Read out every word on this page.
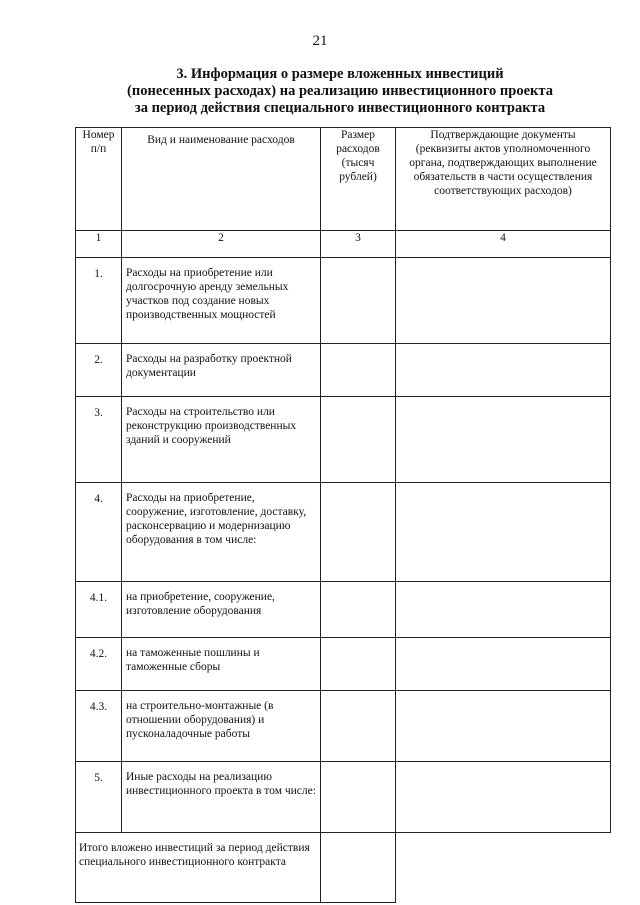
21
3. Информация о размере вложенных инвестиций
(понесенных расходах) на реализацию инвестиционного проекта
за период действия специального инвестиционного контракта
Номер п/п	Вид и наименование расходов	Размер расходов (тысяч рублей)	Подтверждающие документы (реквизиты актов уполномоченного органа, подтверждающих выполнение обязательств в части осуществления соответствующих расходов)

1	2	3	4
1.	Расходы на приобретение или долгосрочную аренду земельных участков под создание новых производственных мощностей		
2.	Расходы на разработку проектной документации		
3.	Расходы на строительство или реконструкцию производственных зданий и сооружений		
4.	Расходы на приобретение, сооружение, изготовление, доставку, расконсервацию и модернизацию оборудования в том числе:		
4.1.	на приобретение, сооружение, изготовление оборудования		
4.2.	на таможенные пошлины и таможенные сборы		
4.3.	на строительно-монтажные (в отношении оборудования) и пусконаладочные работы		
5.	Иные расходы на реализацию инвестиционного проекта в том числе:		
Итого вложено инвестиций за период действия специального инвестиционного контракта			
